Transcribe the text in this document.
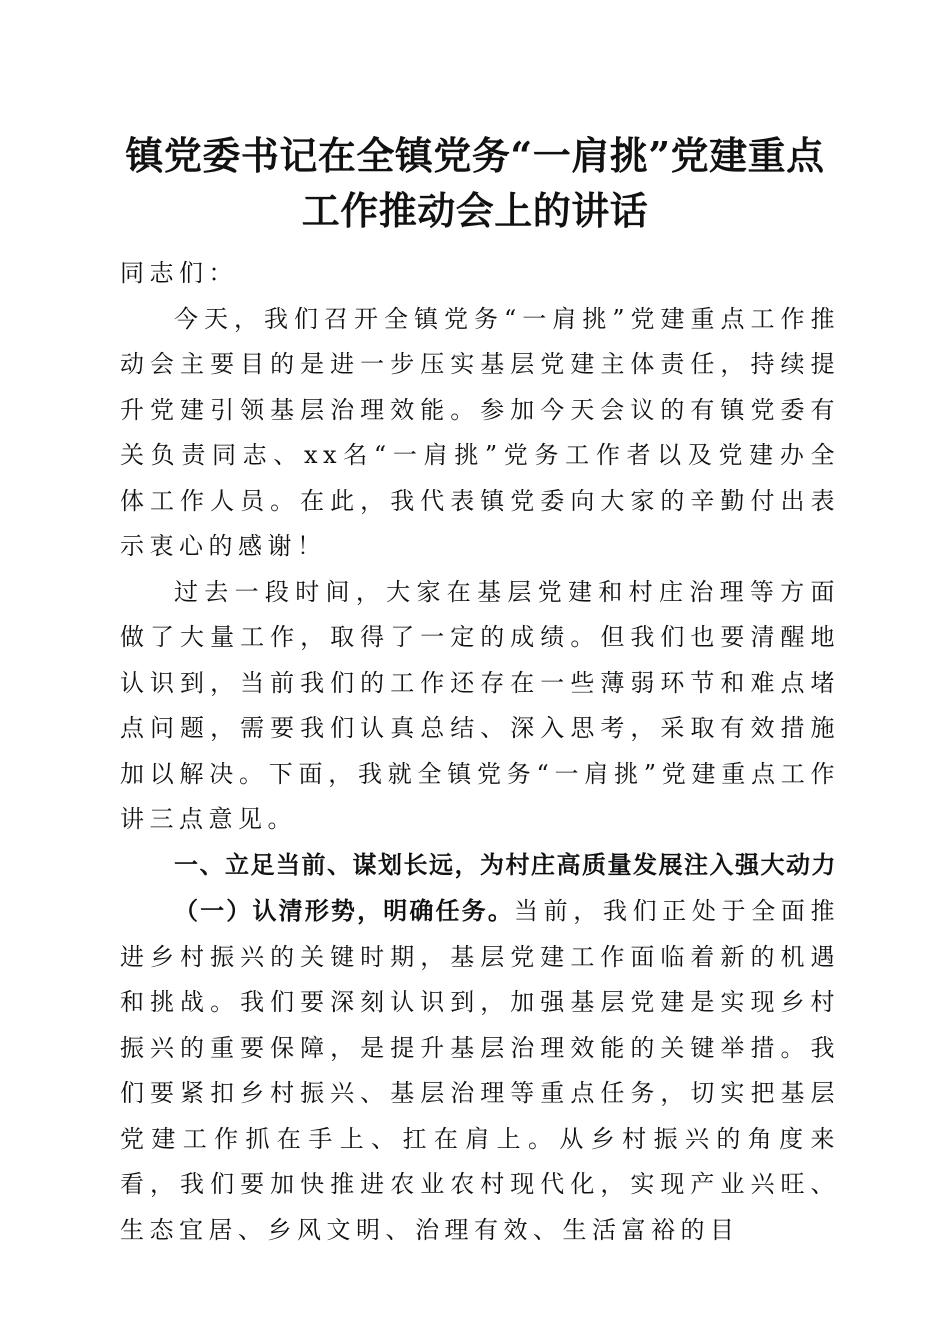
镇党委书记在全镇党务“一肩挑”党建重点工作推动会上的讲话

同志们：

今天，我们召开全镇党务“一肩挑”党建重点工作推动会主要目的是进一步压实基层党建主体责任，持续提升党建引领基层治理效能。参加今天会议的有镇党委有关负责同志、xx名“一肩挑”党务工作者以及党建办全体工作人员。在此，我代表镇党委向大家的辛勤付出表示衷心的感谢！

过去一段时间，大家在基层党建和村庄治理等方面做了大量工作，取得了一定的成绩。但我们也要清醒地认识到，当前我们的工作还存在一些薄弱环节和难点堵点问题，需要我们认真总结、深入思考，采取有效措施加以解决。下面，我就全镇党务“一肩挑”党建重点工作讲三点意见。

一、立足当前、谋划长远，为村庄高质量发展注入强大动力

（一）认清形势，明确任务。当前，我们正处于全面推进乡村振兴的关键时期，基层党建工作面临着新的机遇和挑战。我们要深刻认识到，加强基层党建是实现乡村振兴的重要保障，是提升基层治理效能的关键举措。我们要紧扣乡村振兴、基层治理等重点任务，切实把基层党建工作抓在手上、扛在肩上。从乡村振兴的角度来看，我们要加快推进农业农村现代化，实现产业兴旺、生态宜居、乡风文明、治理有效、生活富裕的目
